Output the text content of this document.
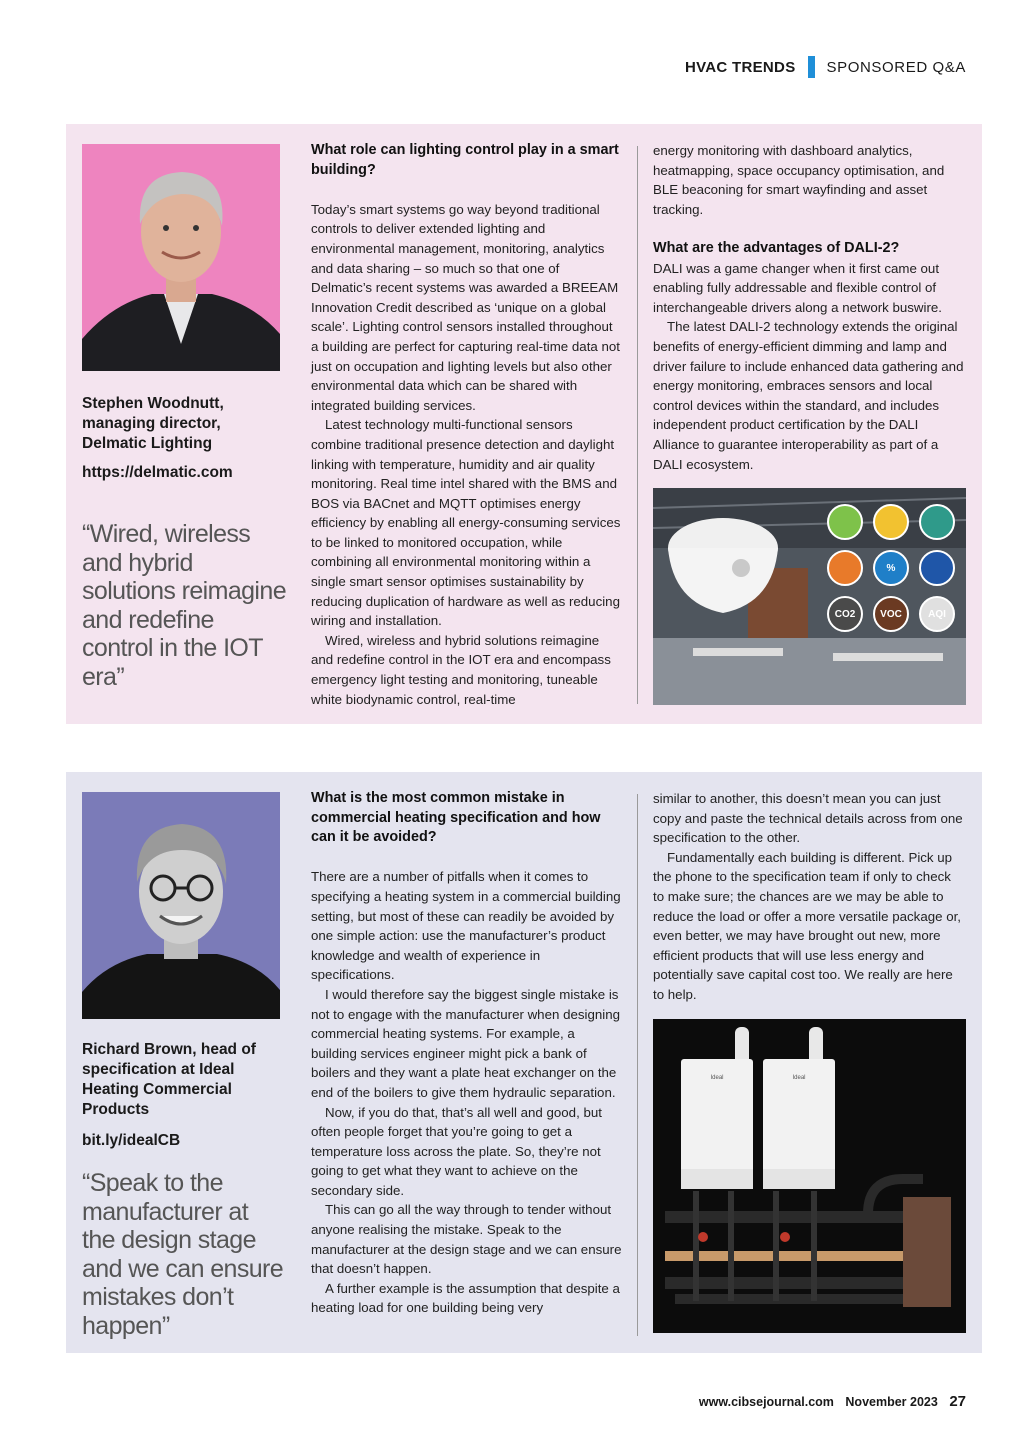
HVAC TRENDS SPONSORED Q&A
Stephen Woodnutt,
managing director,
Delmatic Lighting
https://delmatic.com
“Wired, wireless and hybrid solutions reimagine and redefine control in the IOT era”
What role can lighting control play in a smart building?

Today’s smart systems go way beyond traditional controls to deliver extended lighting and environmental management, monitoring, analytics and data sharing – so much so that one of Delmatic’s recent systems was awarded a BREEAM Innovation Credit described as ‘unique on a global scale’. Lighting control sensors installed throughout a building are perfect for capturing real-time data not just on occupation and lighting levels but also other environmental data which can be shared with integrated building services.

Latest technology multi-functional sensors combine traditional presence detection and daylight linking with temperature, humidity and air quality monitoring. Real time intel shared with the BMS and BOS via BACnet and MQTT optimises energy efficiency by enabling all energy-consuming services to be linked to monitored occupation, while combining all environmental monitoring within a single smart sensor optimises sustainability by reducing duplication of hardware as well as reducing wiring and installation.

Wired, wireless and hybrid solutions reimagine and redefine control in the IOT era and encompass emergency light testing and monitoring, tuneable white biodynamic control, real-time

energy monitoring with dashboard analytics, heatmapping, space occupancy optimisation, and BLE beaconing for smart wayfinding and asset tracking.

What are the advantages of DALI-2?

DALI was a game changer when it first came out enabling fully addressable and flexible control of interchangeable drivers along a network buswire.

The latest DALI-2 technology extends the original benefits of energy-efficient dimming and lamp and driver failure to include enhanced data gathering and energy monitoring, embraces sensors and local control devices within the standard, and includes independent product certification by the DALI Alliance to guarantee interoperability as part of a DALI ecosystem.

%
CO2	VOC	AQI
Richard Brown, head of specification at Ideal Heating Commercial Products
bit.ly/idealCB
“Speak to the manufacturer at the design stage and we can ensure mistakes don’t happen”
What is the most common mistake in commercial heating specification and how can it be avoided?

There are a number of pitfalls when it comes to specifying a heating system in a commercial building setting, but most of these can readily be avoided by one simple action: use the manufacturer’s product knowledge and wealth of experience in specifications.

I would therefore say the biggest single mistake is not to engage with the manufacturer when designing commercial heating systems. For example, a building services engineer might pick a bank of boilers and they want a plate heat exchanger on the end of the boilers to give them hydraulic separation.

Now, if you do that, that’s all well and good, but often people forget that you’re going to get a temperature loss across the plate. So, they’re not going to get what they want to achieve on the secondary side.

This can go all the way through to tender without anyone realising the mistake. Speak to the manufacturer at the design stage and we can ensure that doesn’t happen.

A further example is the assumption that despite a heating load for one building being very

similar to another, this doesn’t mean you can just copy and paste the technical details across from one specification to the other.

Fundamentally each building is different. Pick up the phone to the specification team if only to check to make sure; the chances are we may be able to reduce the load or offer a more versatile package or, even better, we may have brought out new, more efficient products that will use less energy and potentially save capital cost too. We really are here to help.

Ideal	Ideal
www.cibsejournal.com November 2023 27
